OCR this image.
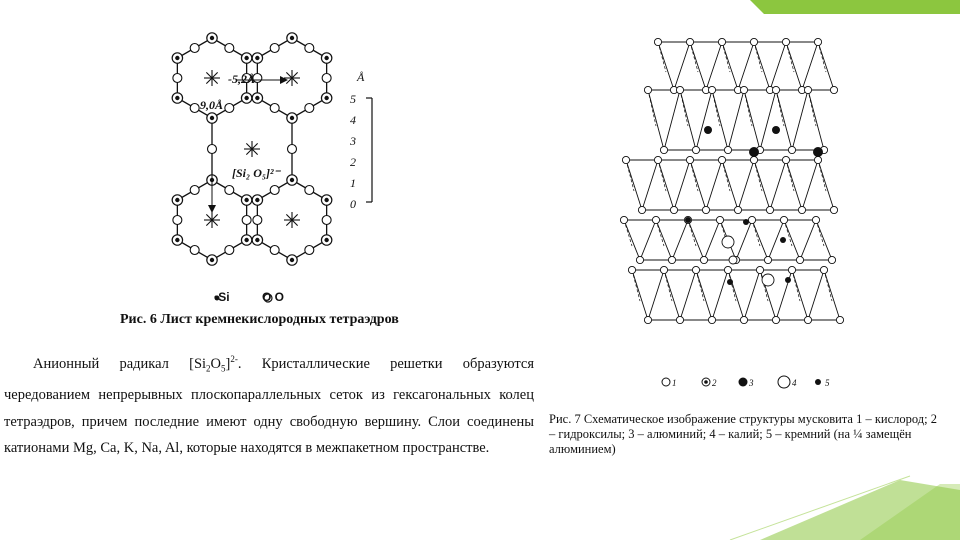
Å
5
4
3
2
1
0
-5,2Å
9,0Å
[Si₂ O₅]²⁻
•Si	O O
Рис. 6 Лист кремнекислородных тетраэдров
  Анионный радикал $[Si_2O_5]^{2-}$. Кристаллические решетки образуются чередованием непрерывных плоскопараллельных сеток из гексагональных колец тетраэдров, причем последние имеют одну свободную вершину. Слои соединены катионами Mg, Ca, K, Na, Al, которые находятся в межпакетном пространстве.
1	2	3	4	5
Рис. 7 Схематическое изображение структуры мусковита 1 – кислород; 2 – гидроксилы; 3 – алюминий; 4 – калий; 5 – кремний (на ¼ замещён алюминием)
